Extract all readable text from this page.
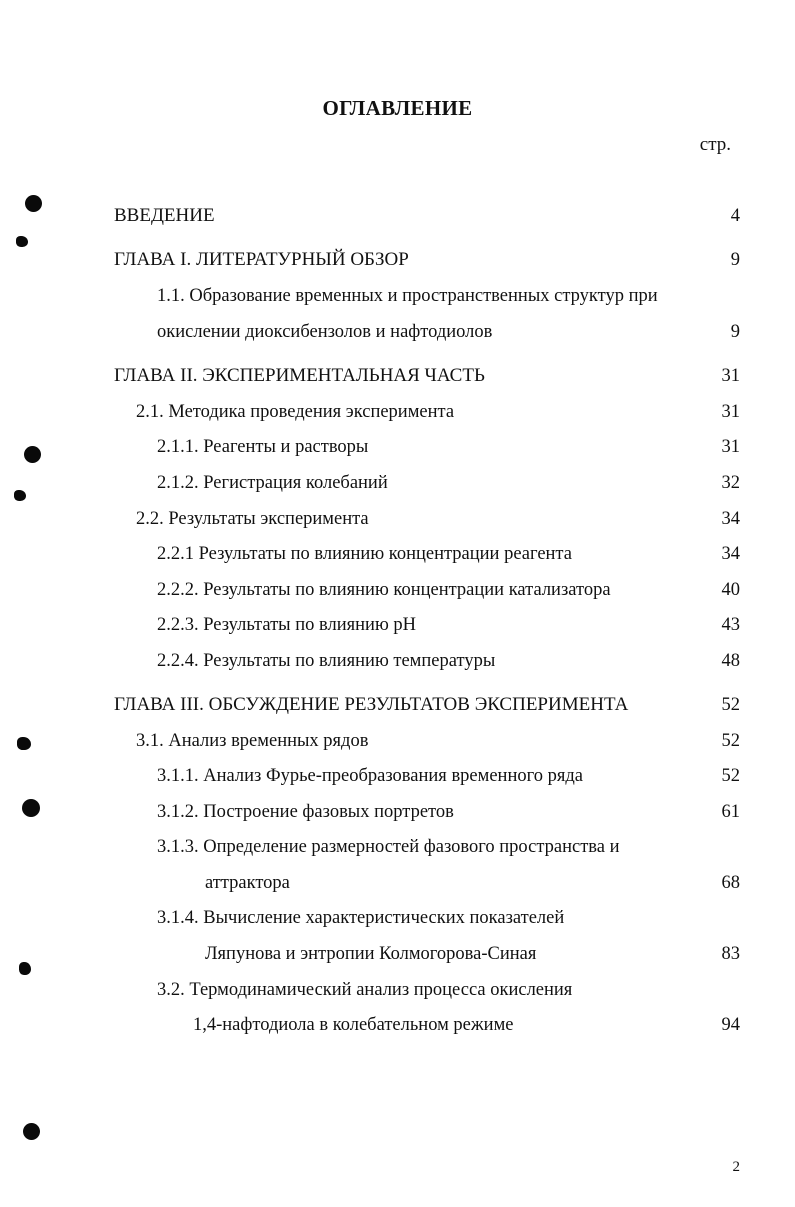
ОГЛАВЛЕНИЕ
стр.
ВВЕДЕНИЕ	4
ГЛАВА I. ЛИТЕРАТУРНЫЙ ОБЗОР	9
1.1. Образование временных и пространственных структур при
окислении диоксибензолов и нафтодиолов	9
ГЛАВА II. ЭКСПЕРИМЕНТАЛЬНАЯ ЧАСТЬ	31
2.1. Методика проведения эксперимента	31
2.1.1. Реагенты и растворы	31
2.1.2. Регистрация колебаний	32
2.2. Результаты эксперимента	34
2.2.1 Результаты по влиянию концентрации реагента	34
2.2.2. Результаты по влиянию концентрации катализатора	40
2.2.3. Результаты по влиянию pH	43
2.2.4. Результаты по влиянию температуры	48
ГЛАВА III. ОБСУЖДЕНИЕ РЕЗУЛЬТАТОВ ЭКСПЕРИМЕНТА	52
3.1. Анализ временных рядов	52
3.1.1. Анализ Фурье-преобразования временного ряда	52
3.1.2. Построение фазовых портретов	61
3.1.3. Определение размерностей фазового пространства и
аттрактора	68
3.1.4. Вычисление характеристических показателей
Ляпунова и энтропии Колмогорова-Синая	83
3.2. Термодинамический анализ процесса окисления
1,4-нафтодиола в колебательном режиме	94
2
